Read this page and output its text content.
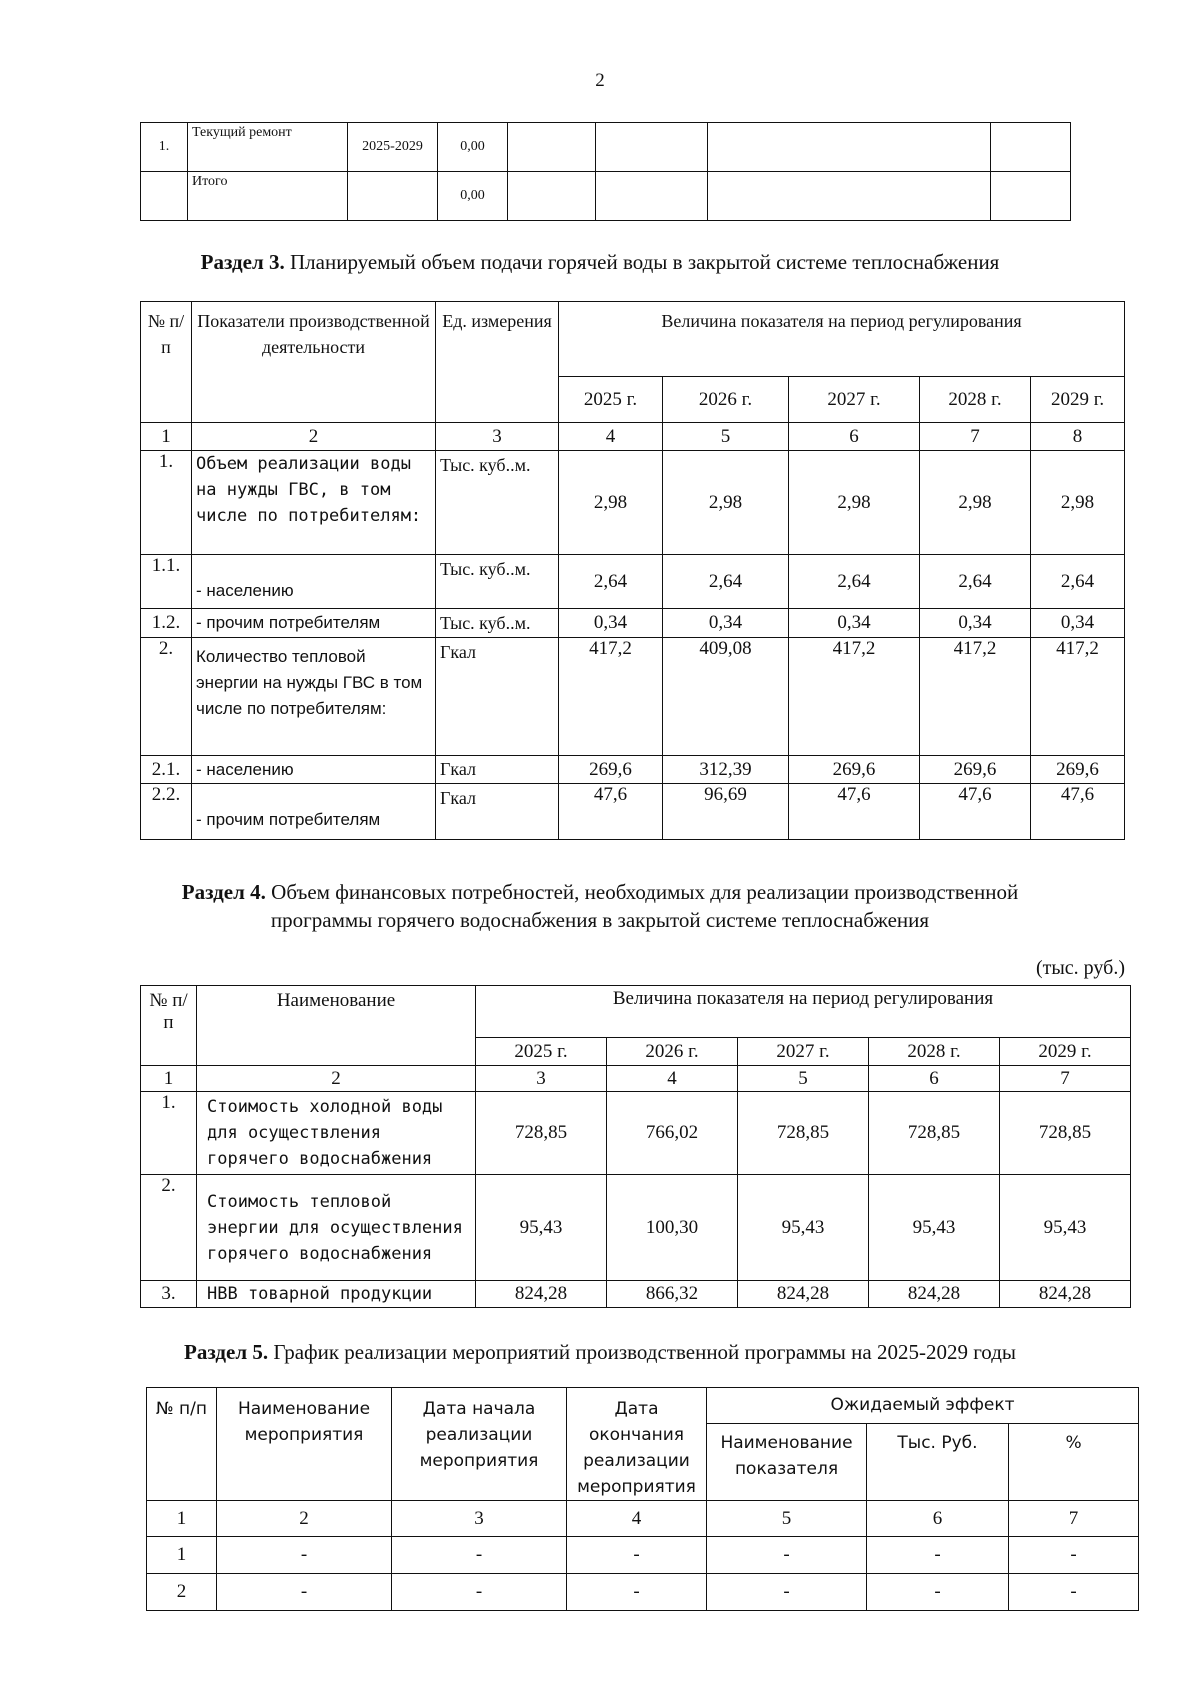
2
1.	Текущий ремонт	2025-2029	0,00				
	Итого		0,00				
Раздел 3. Планируемый объем подачи горячей воды в закрытой системе теплоснабжения
№ п/п	Показатели производственной деятельности	Ед. измерения	Величина показателя на период регулирования				
			2025 г.	2026 г.	2027 г.	2028 г.	2029 г.
1	2	3	4	5	6	7	8
1.	Объем реализации воды на нужды ГВС, в том числе по потребителям:	Тыс. куб..м.	2,98	2,98	2,98	2,98	2,98
1.1.	- населению	Тыс. куб..м.	2,64	2,64	2,64	2,64	2,64
1.2.	- прочим потребителям	Тыс. куб..м.	0,34	0,34	0,34	0,34	0,34
2.	Количество тепловой энергии на нужды ГВС в том числе по потребителям:	Гкал	417,2	409,08	417,2	417,2	417,2
2.1.	- населению	Гкал	269,6	312,39	269,6	269,6	269,6
2.2.	- прочим потребителям	Гкал	47,6	96,69	47,6	47,6	47,6
Раздел 4. Объем финансовых потребностей, необходимых для реализации производственной
программы горячего водоснабжения в закрытой системе теплоснабжения
(тыс. руб.)
№ п/п	Наименование	Величина показателя на период регулирования				
		2025 г.	2026 г.	2027 г.	2028 г.	2029 г.
1	2	3	4	5	6	7
1.	Стоимость холодной воды для осуществления горячего водоснабжения	728,85	766,02	728,85	728,85	728,85
2.	Стоимость тепловой энергии для осуществления горячего водоснабжения	95,43	100,30	95,43	95,43	95,43
3.	НВВ товарной продукции	824,28	866,32	824,28	824,28	824,28
Раздел 5. График реализации мероприятий производственной программы на 2025-2029 годы
№ п/п	Наименование мероприятия	Дата начала реализации мероприятия	Дата окончания реализации мероприятия	Ожидаемый эффект		
				Наименование показателя	Тыс. Руб.	%
1	2	3	4	5	6	7
1	-	-	-	-	-	-
2	-	-	-	-	-	-
